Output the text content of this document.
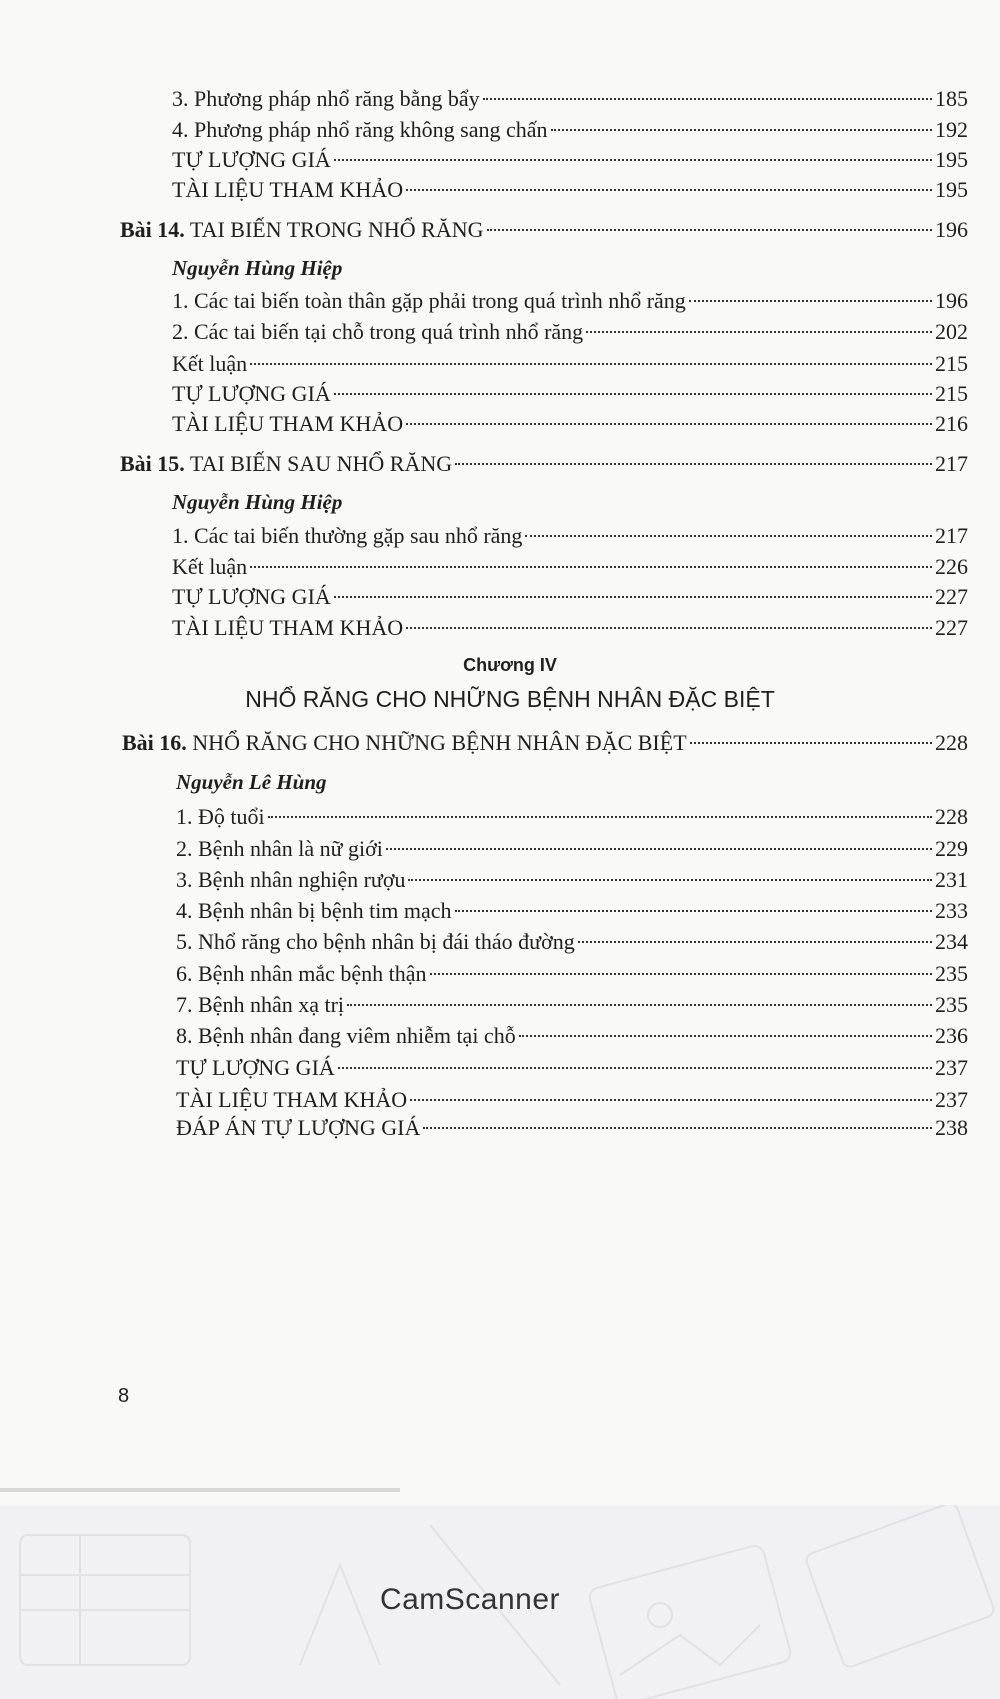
3. Phương pháp nhổ răng bằng bẩy	185
4. Phương pháp nhổ răng không sang chấn	192
TỰ LƯỢNG GIÁ	195
TÀI LIỆU THAM KHẢO	195
Bài 14. TAI BIẾN TRONG NHỔ RĂNG	196
Nguyễn Hùng Hiệp
1. Các tai biến toàn thân gặp phải trong quá trình nhổ răng	196
2. Các tai biến tại chỗ trong quá trình nhổ răng	202
Kết luận	215
TỰ LƯỢNG GIÁ	215
TÀI LIỆU THAM KHẢO	216
Bài 15. TAI BIẾN SAU NHỔ RĂNG	217
Nguyễn Hùng Hiệp
1. Các tai biến thường gặp sau nhổ răng	217
Kết luận	226
TỰ LƯỢNG GIÁ	227
TÀI LIỆU THAM KHẢO	227
Chương IV
NHỔ RĂNG CHO NHỮNG BỆNH NHÂN ĐẶC BIỆT
Bài 16. NHỔ RĂNG CHO NHỮNG BỆNH NHÂN ĐẶC BIỆT	228
Nguyễn Lê Hùng
1. Độ tuổi	228
2. Bệnh nhân là nữ giới	229
3. Bệnh nhân nghiện rượu	231
4. Bệnh nhân bị bệnh tim mạch	233
5. Nhổ răng cho bệnh nhân bị đái tháo đường	234
6. Bệnh nhân mắc bệnh thận	235
7. Bệnh nhân xạ trị	235
8. Bệnh nhân đang viêm nhiễm tại chỗ	236
TỰ LƯỢNG GIÁ	237
TÀI LIỆU THAM KHẢO	237
ĐÁP ÁN TỰ LƯỢNG GIÁ	238
8
CamScanner
